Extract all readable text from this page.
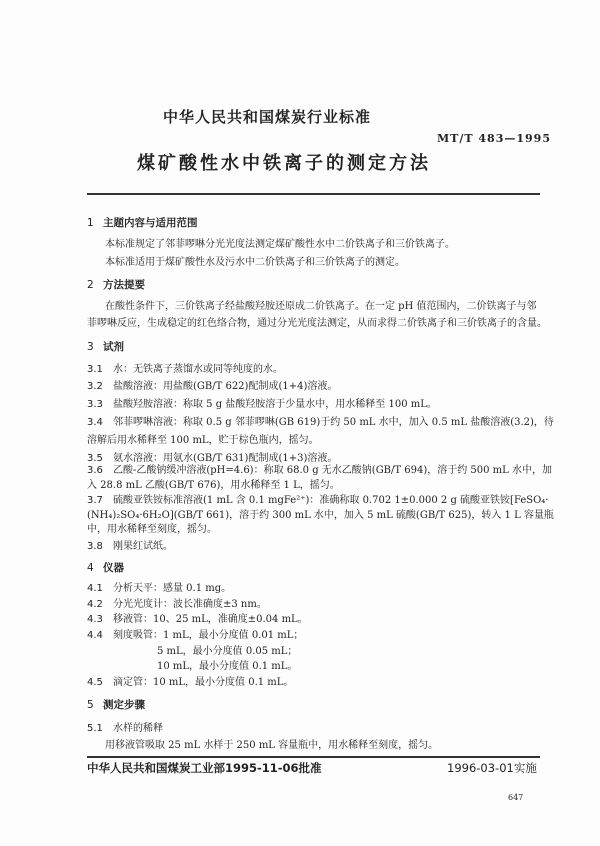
中华人民共和国煤炭行业标准
MT/T 483—1995
煤矿酸性水中铁离子的测定方法
1 主题内容与适用范围
本标准规定了邻菲啰啉分光光度法测定煤矿酸性水中二价铁离子和三价铁离子。
本标准适用于煤矿酸性水及污水中二价铁离子和三价铁离子的测定。
2 方法提要
在酸性条件下，三价铁离子经盐酸羟胺还原成二价铁离子。在一定 pH 值范围内，二价铁离子与邻
菲啰啉反应，生成稳定的红色络合物，通过分光光度法测定，从而求得二价铁离子和三价铁离子的含量。
3 试剂
3.1 水：无铁离子蒸馏水或同等纯度的水。
3.2 盐酸溶液：用盐酸(GB/T 622)配制成(1+4)溶液。
3.3 盐酸羟胺溶液：称取 5 g 盐酸羟胺溶于少量水中，用水稀释至 100 mL。
3.4 邻菲啰啉溶液：称取 0.5 g 邻菲啰啉(GB 619)于约 50 mL 水中，加入 0.5 mL 盐酸溶液(3.2)，待
溶解后用水稀释至 100 mL，贮于棕色瓶内，摇匀。
3.5 氨水溶液：用氨水(GB/T 631)配制成(1+3)溶液。
3.6 乙酸-乙酸钠缓冲溶液(pH=4.6)：称取 68.0 g 无水乙酸钠(GB/T 694)，溶于约 500 mL 水中，加
入 28.8 mL 乙酸(GB/T 676)，用水稀释至 1 L，摇匀。
3.7 硫酸亚铁铵标准溶液(1 mL 含 0.1 mgFe²⁺)：准确称取 0.702 1±0.000 2 g 硫酸亚铁铵[FeSO₄·
(NH₄)₂SO₄·6H₂O](GB/T 661)，溶于约 300 mL 水中，加入 5 mL 硫酸(GB/T 625)，转入 1 L 容量瓶
中，用水稀释至刻度，摇匀。
3.8 刚果红试纸。
4 仪器
4.1 分析天平：感量 0.1 mg。
4.2 分光光度计：波长准确度±3 nm。
4.3 移液管：10、25 mL，准确度±0.04 mL。
4.4 刻度吸管：1 mL，最小分度值 0.01 mL；
5 mL，最小分度值 0.05 mL；
10 mL，最小分度值 0.1 mL。
4.5 滴定管：10 mL，最小分度值 0.1 mL。
5 测定步骤
5.1 水样的稀释
用移液管吸取 25 mL 水样于 250 mL 容量瓶中，用水稀释至刻度，摇匀。
中华人民共和国煤炭工业部1995-11-06批准	1996-03-01实施
647
